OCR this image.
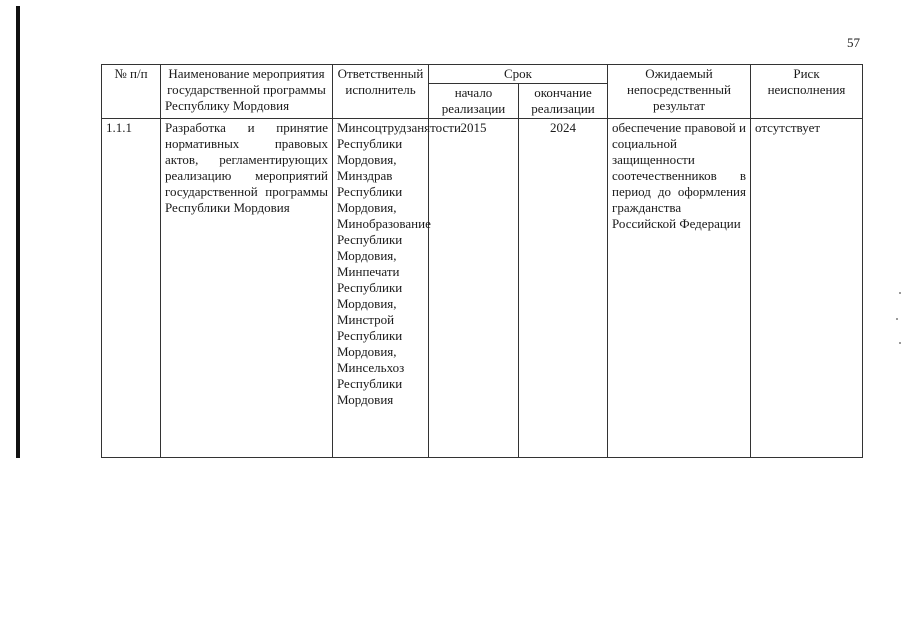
57
№ п/п	Наименование мероприятия государственной программы Республику Мордовия	Ответственный исполнитель	Срок		Ожидаемый непосредственный результат	Риск неисполнения
			начало реализации	окончание реализации		
1.1.1	Разработка и принятие нормативных правовых актов, регламентирующих реализацию мероприятий государственной программы Республики Мордовия	Минсоцтрудзанятости Республики Мордовия, Минздрав Республики Мордовия, Минобразование Республики Мордовия, Минпечати Республики Мордовия, Минстрой Республики Мордовия, Минсельхоз Республики Мордовия	2015	2024	обеспечение правовой и социальной защищенности соотечественников в период до оформления гражданства Российской Федерации	отсутствует
